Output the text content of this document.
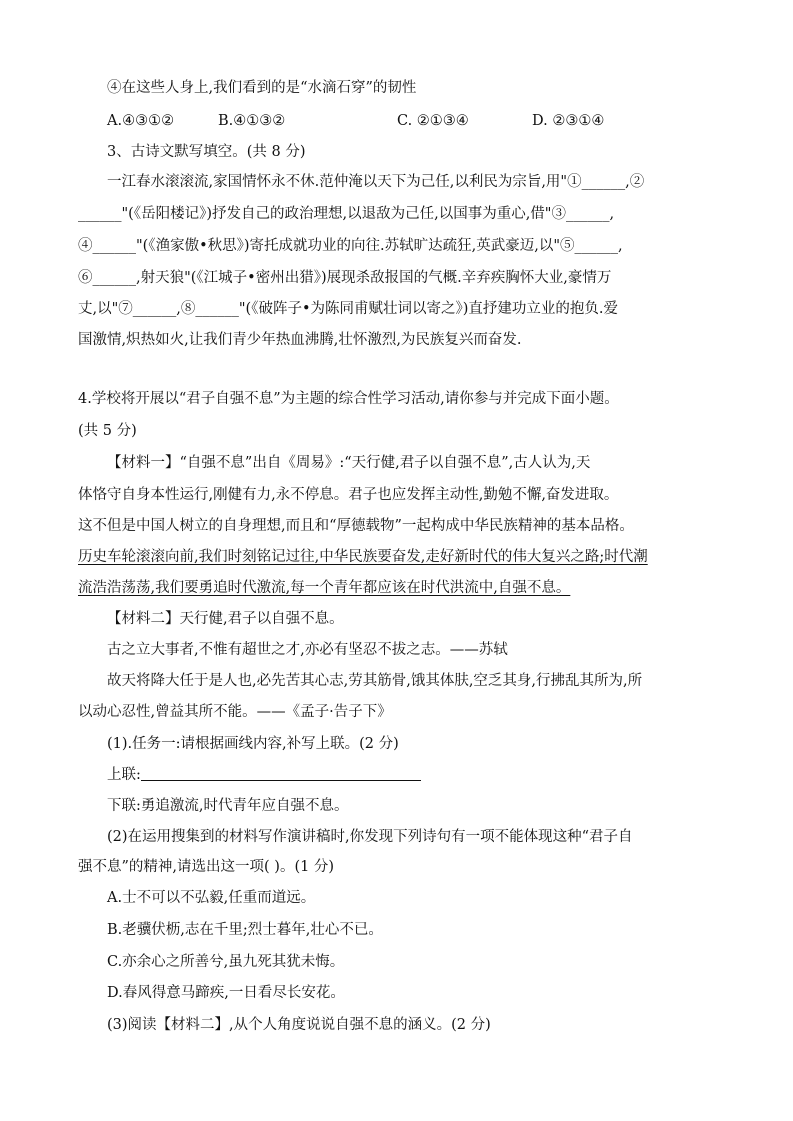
④在这些人身上,我们看到的是“水滴石穿”的韧性
A.④③①②	B.④①③②	C. ②①③④	D. ②③①④
3、古诗文默写填空。(共 8 分)
一江春水滚滚流,家国情怀永不休.范仲淹以天下为己任,以利民为宗旨,用"①______,②
______"(《岳阳楼记》)抒发自己的政治理想,以退敌为己任,以国事为重心,借"③______,
④______"(《渔家傲•秋思》)寄托成就功业的向往.苏轼旷达疏狂,英武豪迈,以"⑤______,
⑥______,射天狼"(《江城子•密州出猎》)展现杀敌报国的气概.辛弃疾胸怀大业,豪情万
丈,以"⑦______,⑧______"(《破阵子•为陈同甫赋壮词以寄之》)直抒建功立业的抱负.爱
国激情,炽热如火,让我们青少年热血沸腾,壮怀激烈,为民族复兴而奋发.
4.学校将开展以“君子自强不息”为主题的综合性学习活动,请你参与并完成下面小题。
(共 5 分)
【材料一】“自强不息”出自《周易》:“天行健,君子以自强不息”,古人认为,天
体恪守自身本性运行,刚健有力,永不停息。君子也应发挥主动性,勤勉不懈,奋发进取。
这不但是中国人树立的自身理想,而且和“厚德载物”一起构成中华民族精神的基本品格。
历史车轮滚滚向前,我们时刻铭记过往,中华民族要奋发,走好新时代的伟大复兴之路;时代潮
流浩浩荡荡,我们要勇追时代激流,每一个青年都应该在时代洪流中,自强不息。
【材料二】天行健,君子以自强不息。
古之立大事者,不惟有超世之才,亦必有坚忍不拔之志。——苏轼
故天将降大任于是人也,必先苦其心志,劳其筋骨,饿其体肤,空乏其身,行拂乱其所为,所
以动心忍性,曾益其所不能。——《孟子·告子下》
(1).任务一:请根据画线内容,补写上联。(2 分)
上联:
下联:勇追激流,时代青年应自强不息。
(2)在运用搜集到的材料写作演讲稿时,你发现下列诗句有一项不能体现这种“君子自
强不息”的精神,请选出这一项( )。(1 分)
A.士不可以不弘毅,任重而道远。
B.老骥伏枥,志在千里;烈士暮年,壮心不已。
C.亦余心之所善兮,虽九死其犹未悔。
D.春风得意马蹄疾,一日看尽长安花。
(3)阅读【材料二】,从个人角度说说自强不息的涵义。(2 分)
